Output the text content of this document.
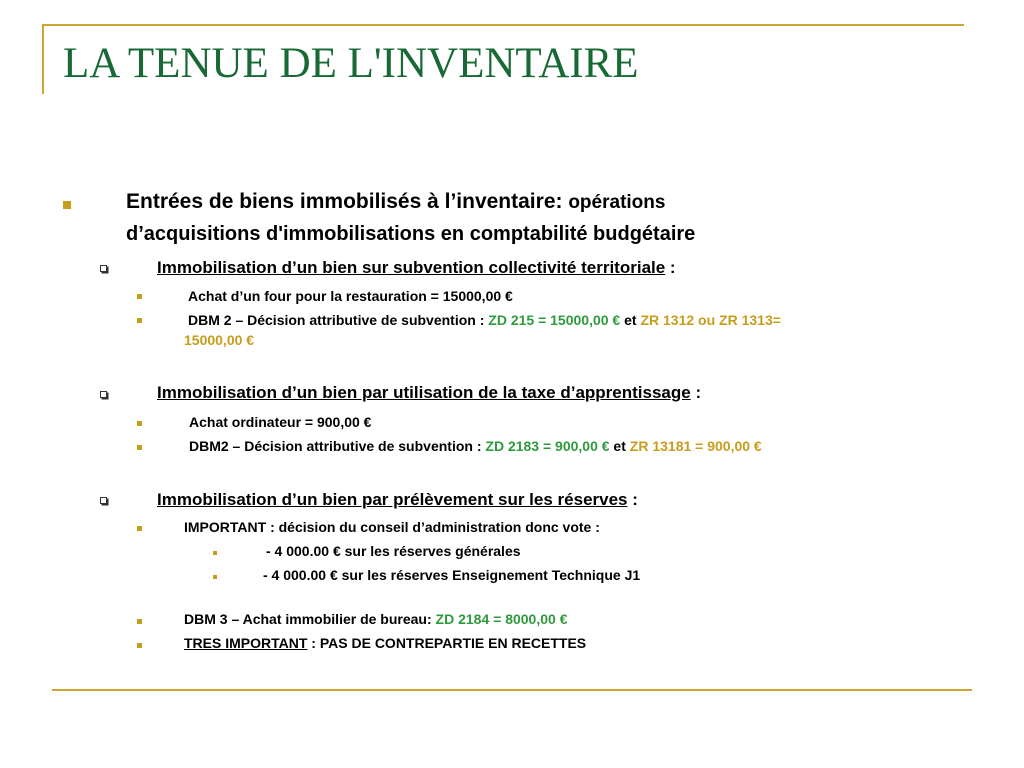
LA TENUE DE L'INVENTAIRE
Entrées de biens immobilisés à l’inventaire: opérations
d’acquisitions d'immobilisations en comptabilité budgétaire
Immobilisation d’un bien sur subvention collectivité territoriale :
Achat d’un four pour la restauration = 15000,00 €
DBM 2 – Décision attributive de subvention : ZD 215 = 15000,00 € et ZR 1312 ou ZR 1313=
15000,00 €
Immobilisation d’un bien par utilisation de la taxe d’apprentissage :
Achat ordinateur = 900,00 €
DBM2 – Décision attributive de subvention : ZD 2183 = 900,00 € et ZR 13181 = 900,00 €
Immobilisation d’un bien par prélèvement sur les réserves :
IMPORTANT : décision du conseil d’administration donc vote :
- 4 000.00 € sur les réserves générales
- 4 000.00 € sur les réserves Enseignement Technique J1
DBM 3 – Achat immobilier de bureau: ZD 2184 = 8000,00 €
TRES IMPORTANT : PAS DE CONTREPARTIE EN RECETTES
